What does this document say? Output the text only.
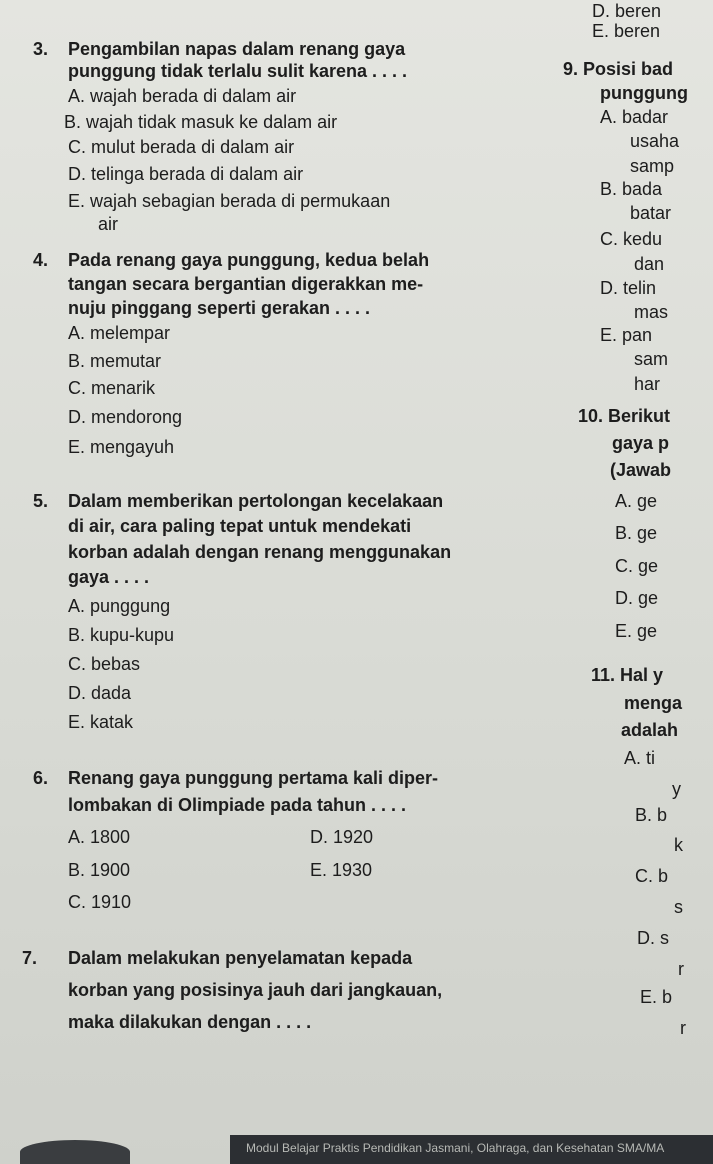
3. Pengambilan napas dalam renang gaya
punggung tidak terlalu sulit karena . . . .
A. wajah berada di dalam air
B. wajah tidak masuk ke dalam air
C. mulut berada di dalam air
D. telinga berada di dalam air
E. wajah sebagian berada di permukaan
air
4. Pada renang gaya punggung, kedua belah
tangan secara bergantian digerakkan me-
nuju pinggang seperti gerakan . . . .
A. melempar
B. memutar
C. menarik
D. mendorong
E. mengayuh
5. Dalam memberikan pertolongan kecelakaan
di air, cara paling tepat untuk mendekati
korban adalah dengan renang menggunakan
gaya . . . .
A. punggung
B. kupu-kupu
C. bebas
D. dada
E. katak
6. Renang gaya punggung pertama kali diper-
lombakan di Olimpiade pada tahun . . . .
A. 1800
B. 1900
C. 1910
D. 1920
E. 1930
7. Dalam melakukan penyelamatan kepada
korban yang posisinya jauh dari jangkauan,
maka dilakukan dengan . . . .
D. beren
E. beren
9. Posisi bad
punggung
A. badar
usaha
samp
B. bada
batar
C. kedu
dan
D. telin
mas
E. pan
sam
har
10. Berikut
gaya p
(Jawab
A. ge
B. ge
C. ge
D. ge
E. ge
11. Hal y
menga
adalah
A. ti
y
B. b
k
C. b
s
D. s
r
E. b
r
Modul Belajar Praktis Pendidikan Jasmani, Olahraga, dan Kesehatan SMA/MA
